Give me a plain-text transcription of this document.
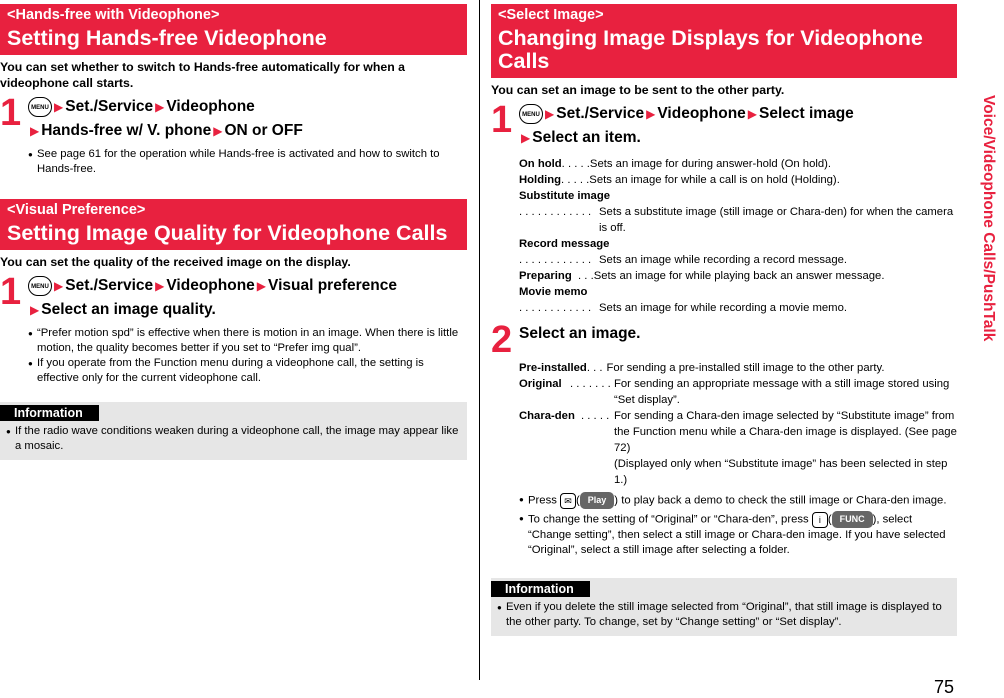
<Hands-free with Videophone>
Setting Hands-free Videophone
You can set whether to switch to Hands-free automatically for when a videophone call starts.
1	MENU ▶ Set./Service ▶ Videophone
▶ Hands-free w/ V. phone ▶ ON or OFF
● See page 61 for the operation while Hands-free is activated and how to switch to Hands-free.
<Visual Preference>
Setting Image Quality for Videophone Calls
You can set the quality of the received image on the display.
1	MENU ▶ Set./Service ▶ Videophone ▶ Visual preference
▶ Select an image quality.
● “Prefer motion spd” is effective when there is motion in an image. When there is little motion, the quality becomes better if you set to “Prefer img qual”.
● If you operate from the Function menu during a videophone call, the setting is effective only for the current videophone call.
Information
● If the radio wave conditions weaken during a videophone call, the image may appear like a mosaic.
<Select Image>
Changing Image Displays for Videophone Calls
You can set an image to be sent to the other party.
1	MENU ▶ Set./Service ▶ Videophone ▶ Select image
▶ Select an item.
On hold . . . . . Sets an image for during answer-hold (On hold).
Holding . . . . . Sets an image for while a call is on hold (Holding).
Substitute image
. . . . . . . . . . . . Sets a substitute image (still image or Chara-den) for when the camera is off.
Record message
. . . . . . . . . . . . Sets an image while recording a record message.
Preparing . . . Sets an image for while playing back an answer message.
Movie memo
. . . . . . . . . . . . Sets an image for while recording a movie memo.
2 Select an image.
Pre-installed . . . For sending a pre-installed still image to the other party.
Original . . . . . . . For sending an appropriate message with a still image stored using “Set display”.
Chara-den . . . . . For sending a Chara-den image selected by “Substitute image” from the Function menu while a Chara-den image is displayed. (See page 72)
(Displayed only when “Substitute image” has been selected in step 1.)
● Press ✉ ( Play ) to play back a demo to check the still image or Chara-den image.
● To change the setting of “Original” or “Chara-den”, press i ( FUNC ), select “Change setting”, then select a still image or Chara-den image. If you have selected “Original”, select a still image after selecting a folder.
Information
● Even if you delete the still image selected from “Original”, that still image is displayed to the other party. To change, set by “Change setting” or “Set display”.
Voice/Videophone Calls/PushTalk
75
